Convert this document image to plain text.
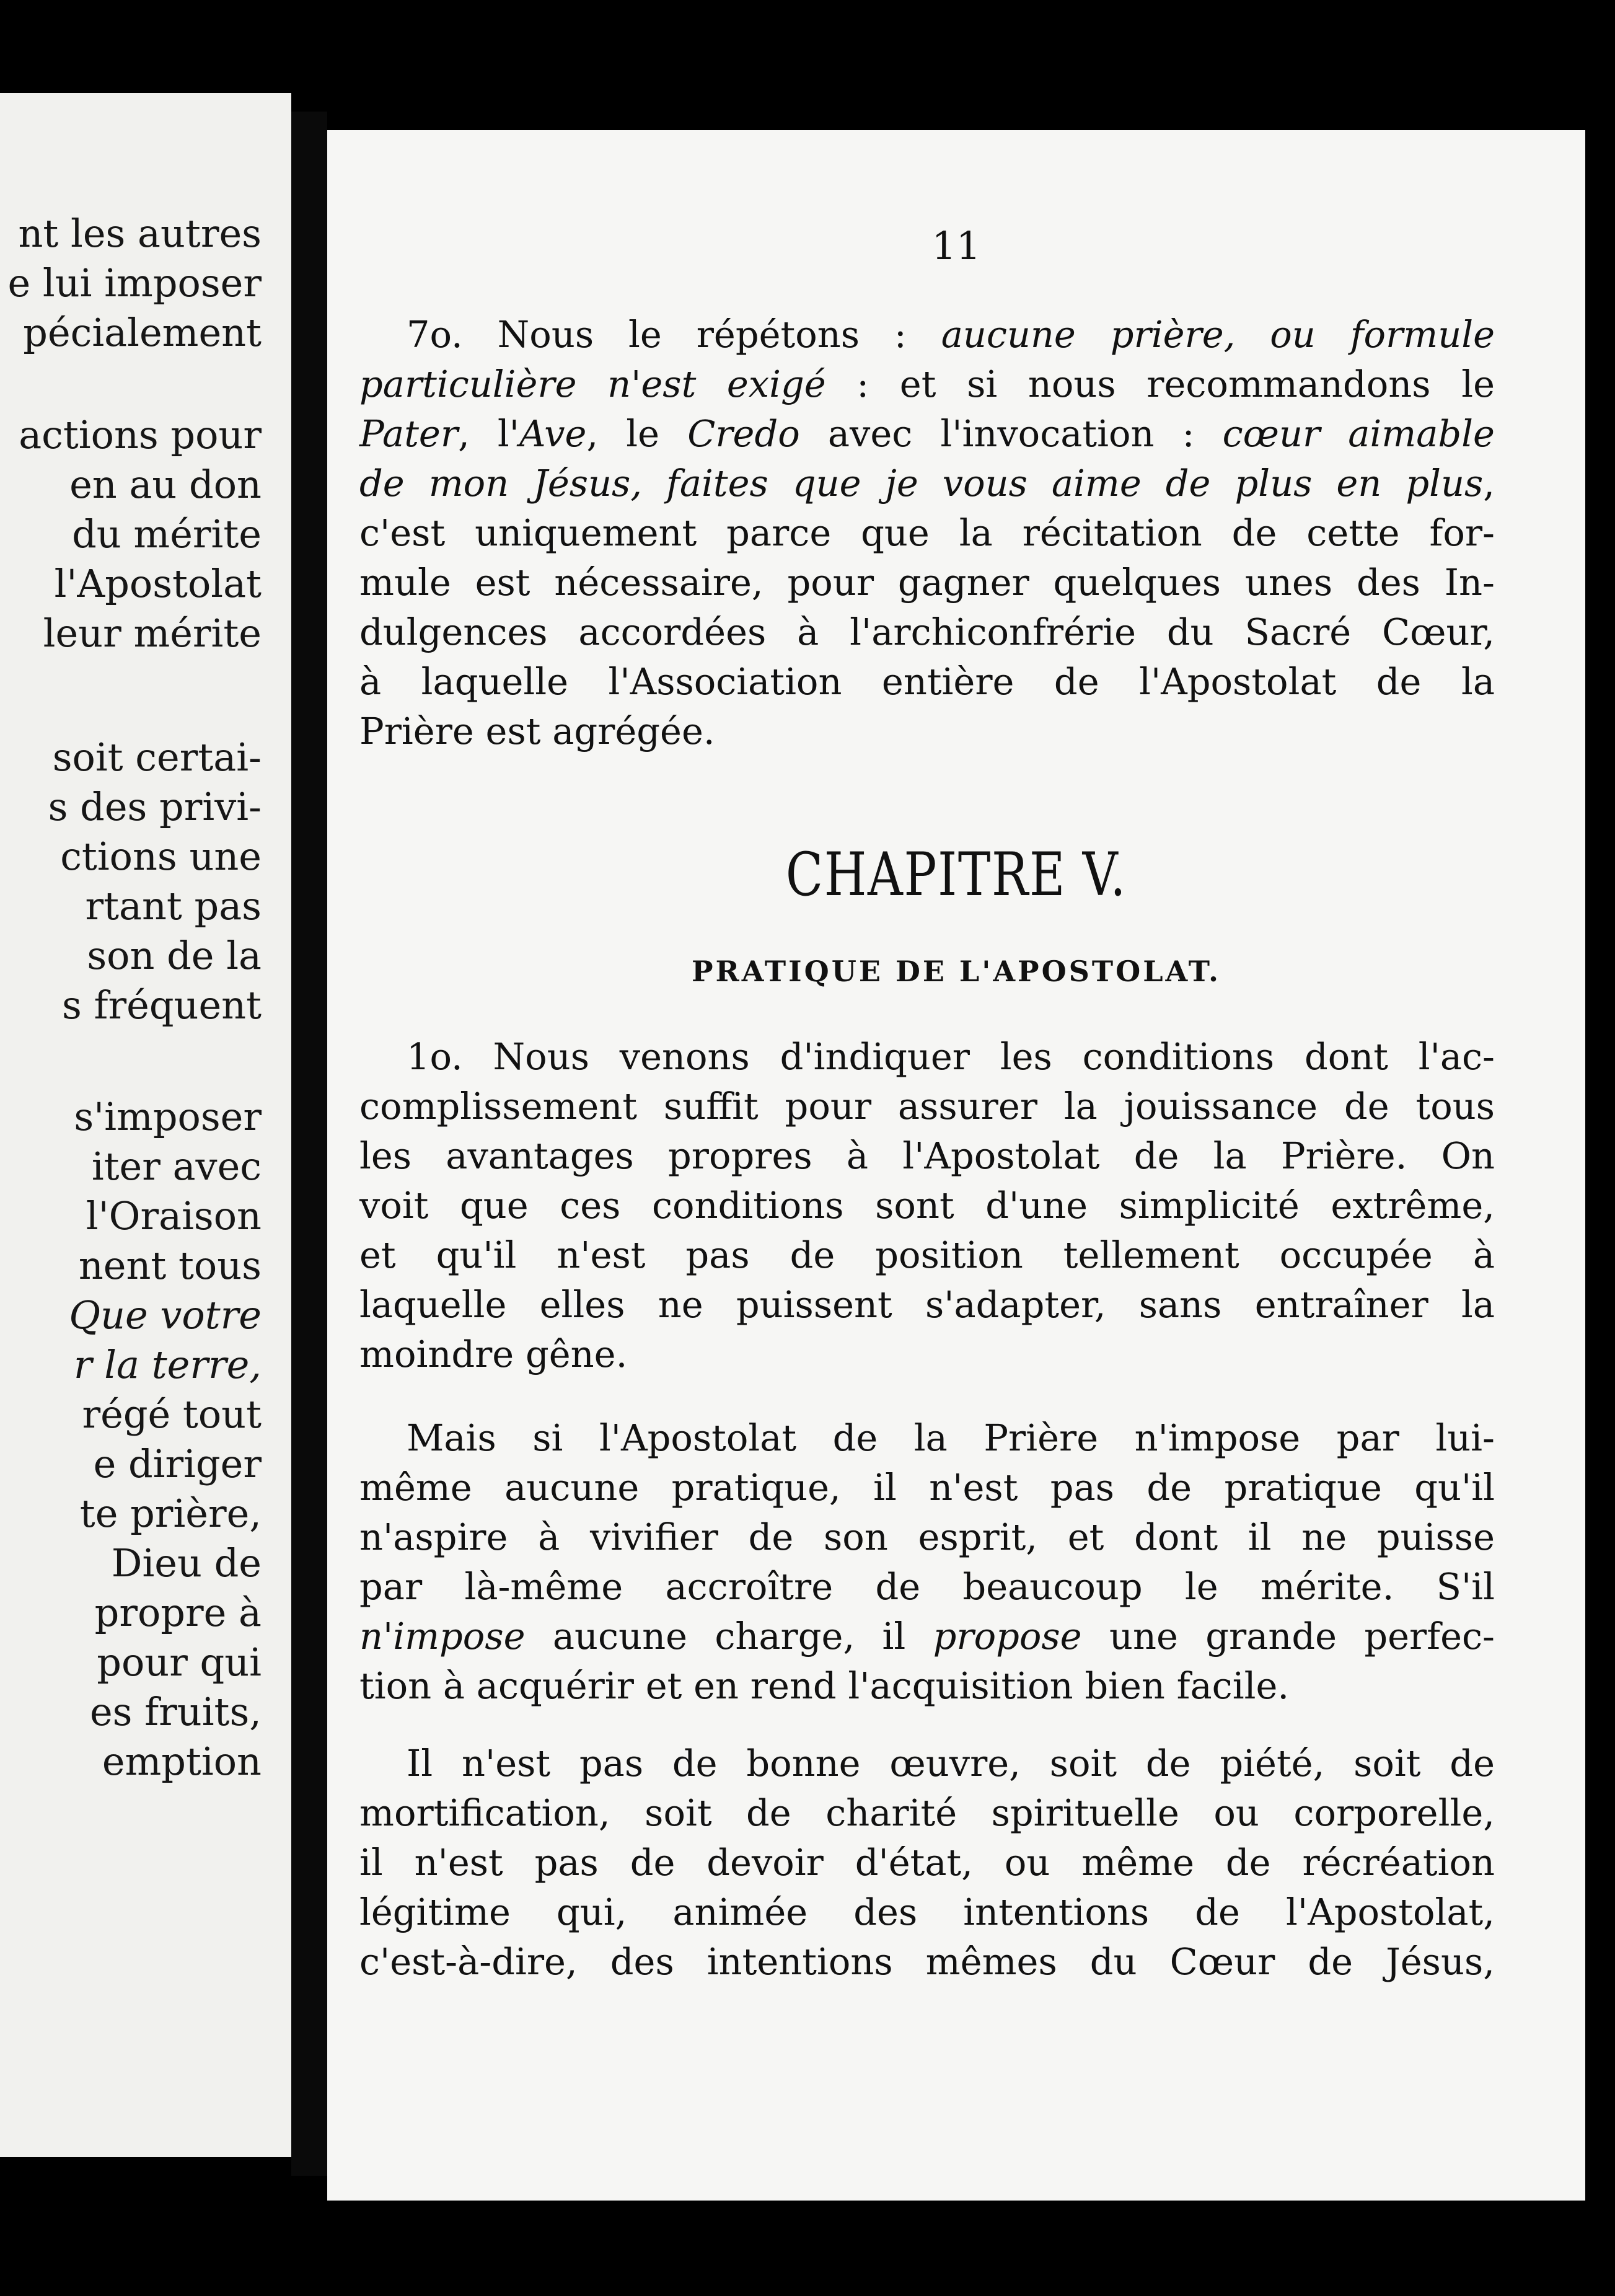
nt les autres
e lui imposer
pécialement
actions pour
en au don
du mérite
l'Apostolat
leur mérite
soit certai-
s des privi-
ctions une
rtant pas
son de la
s fréquent
s'imposer
iter avec
l'Oraison
nent tous
Que votre
r la terre,
régé tout
e diriger
te prière,
Dieu de
propre à
pour qui
es fruits,
emption
11
7o. Nous le répétons : aucune prière, ou formule
particulière n'est exigé : et si nous recommandons le
Pater, l'Ave, le Credo avec l'invocation : cœur aimable
de mon Jésus, faites que je vous aime de plus en plus,
c'est uniquement parce que la récitation de cette for-
mule est nécessaire, pour gagner quelques unes des In-
dulgences accordées à l'archiconfrérie du Sacré Cœur,
à laquelle l'Association entière de l'Apostolat de la
Prière est agrégée.
CHAPITRE V.
PRATIQUE DE L'APOSTOLAT.
1o. Nous venons d'indiquer les conditions dont l'ac-
complissement suffit pour assurer la jouissance de tous
les avantages propres à l'Apostolat de la Prière. On
voit que ces conditions sont d'une simplicité extrême,
et qu'il n'est pas de position tellement occupée à
laquelle elles ne puissent s'adapter, sans entraîner la
moindre gêne.
Mais si l'Apostolat de la Prière n'impose par lui-
même aucune pratique, il n'est pas de pratique qu'il
n'aspire à vivifier de son esprit, et dont il ne puisse
par là-même accroître de beaucoup le mérite. S'il
n'impose aucune charge, il propose une grande perfec-
tion à acquérir et en rend l'acquisition bien facile.
Il n'est pas de bonne œuvre, soit de piété, soit de
mortification, soit de charité spirituelle ou corporelle,
il n'est pas de devoir d'état, ou même de récréation
légitime qui, animée des intentions de l'Apostolat,
c'est-à-dire, des intentions mêmes du Cœur de Jésus,
